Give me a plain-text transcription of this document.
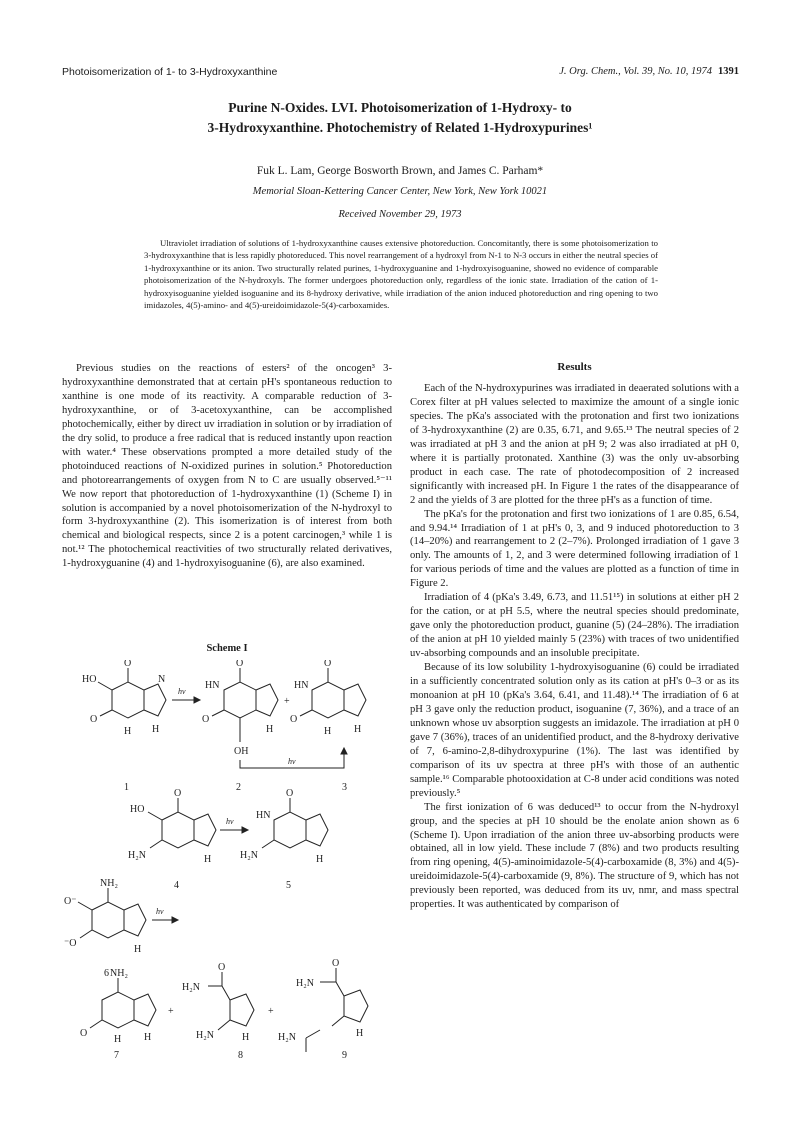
Photoisomerization of 1- to 3-Hydroxyxanthine	J. Org. Chem., Vol. 39, No. 10, 1974 1391
Purine N-Oxides. LVI. Photoisomerization of 1-Hydroxy- to
3-Hydroxyxanthine. Photochemistry of Related 1-Hydroxypurines¹
Fuk L. Lam, George Bosworth Brown, and James C. Parham*
Memorial Sloan-Kettering Cancer Center, New York, New York 10021
Received November 29, 1973
Ultraviolet irradiation of solutions of 1-hydroxyxanthine causes extensive photoreduction. Concomitantly, there is some photoisomerization to 3-hydroxyxanthine that is less rapidly photoreduced. This novel rearrangement of a hydroxyl from N-1 to N-3 occurs in either the neutral species of 1-hydroxyxanthine or its anion. Two structurally related purines, 1-hydroxyguanine and 1-hydroxyisoguanine, showed no evidence of comparable photoisomerization of the N-hydroxyls. The former undergoes photoreduction only, regardless of the ionic state. Irradiation of the cation of 1-hydroxyisoguanine yielded isoguanine and its 8-hydroxy derivative, while irradiation of the anion induced photoreduction and ring opening to two imidazoles, 4(5)-amino- and 4(5)-ureidoimidazole-5(4)-carboxamides.

Previous studies on the reactions of esters² of the oncogen³ 3-hydroxyxanthine demonstrated that at certain pH's spontaneous reduction to xanthine is one mode of its reactivity. A comparable reduction of 3-hydroxyxanthine, or of 3-acetoxyxanthine, can be accomplished photochemically, either by direct uv irradiation in solution or by irradiation of the dry solid, to produce a free radical that is reduced instantly upon reaction with water.⁴ These observations prompted a more detailed study of the photoinduced reactions of N-oxidized purines in solution.⁵ Photoreduction and photorearrangements of oxygen from N to C are usually observed.⁵⁻¹¹ We now report that photoreduction of 1-hydroxyxanthine (1) (Scheme I) in solution is accompanied by a novel photoisomerization of the N-hydroxyl to form 3-hydroxyxanthine (2). This isomerization is of interest from both chemical and biological respects, since 2 is a potent carcinogen,³ while 1 is not.¹² The photochemical reactivities of two structurally related derivatives, 1-hydroxyguanine (4) and 1-hydroxyisoguanine (6), are also examined.

Scheme I
O
HO
O
H H
N
1
hν
O
HN
O
OH
H
2
+
O
HN
O
H H
3
hν
O
HO
H₂N	H
4
hν
O
HN
H₂N	H
5
NH₂
O⁻
⁻O
H
6
hν
NH₂
O
H H
7
+
O
H₂N
H₂N	H
8
+
O
H₂N
H₂N	H
9
Results

Each of the N-hydroxypurines was irradiated in deaerated solutions with a Corex filter at pH values selected to maximize the amount of a single ionic species. The pKa's associated with the protonation and first two ionizations of 3-hydroxyxanthine (2) are 0.35, 6.71, and 9.65.¹³ The neutral species of 2 was irradiated at pH 3 and the anion at pH 9; 2 was also irradiated at pH 0, where it is partially protonated. Xanthine (3) was the only uv-absorbing product in each case. The rate of photodecomposition of 2 increased significantly with increased pH. In Figure 1 the rates of the disappearance of 2 and the yields of 3 are plotted for the three pH's as a function of time.

The pKa's for the protonation and first two ionizations of 1 are 0.85, 6.54, and 9.94.¹⁴ Irradiation of 1 at pH's 0, 3, and 9 induced photoreduction to 3 (14–20%) and rearrangement to 2 (2–7%). Prolonged irradiation of 1 gave 3 only. The amounts of 1, 2, and 3 were determined following irradiation of 1 for various periods of time and the values are plotted as a function of time in Figure 2.

Irradiation of 4 (pKa's 3.49, 6.73, and 11.51¹⁵) in solutions at either pH 2 for the cation, or at pH 5.5, where the neutral species should predominate, gave only the photoreduction product, guanine (5) (24–28%). The irradiation of the anion at pH 10 yielded mainly 5 (23%) with traces of two unidentified uv-absorbing compounds and an insoluble precipitate.

Because of its low solubility 1-hydroxyisoguanine (6) could be irradiated in a sufficiently concentrated solution only as its cation at pH's 0–3 or as its monoanion at pH 10 (pKa's 3.64, 6.41, and 11.48).¹⁴ The irradiation of 6 at pH 3 gave only the reduction product, isoguanine (7, 36%), and a trace of an unknown whose uv absorption suggests an imidazole. The irradiation at pH 0 gave 7 (36%), traces of an unidentified product, and the 8-hydroxy derivative of 7, 6-amino-2,8-dihydroxypurine (1%). The last was identified by comparison of its uv spectra at three pH's with those of an authentic sample.¹⁶ Comparable photooxidation at C-8 under acid conditions was noted previously.⁵

The first ionization of 6 was deduced¹³ to occur from the N-hydroxyl group, and the species at pH 10 should be the enolate anion shown as 6 (Scheme I). Upon irradiation of the anion three uv-absorbing products were obtained, all in low yield. These include 7 (8%) and two products resulting from ring opening, 4(5)-aminoimidazole-5(4)-carboxamide (8, 3%) and 4(5)-ureidoimidazole-5(4)-carboxamide (9, 8%). The structure of 9, which has not previously been reported, was deduced from its uv, nmr, and mass spectral properties. It was authenticated by comparison of
